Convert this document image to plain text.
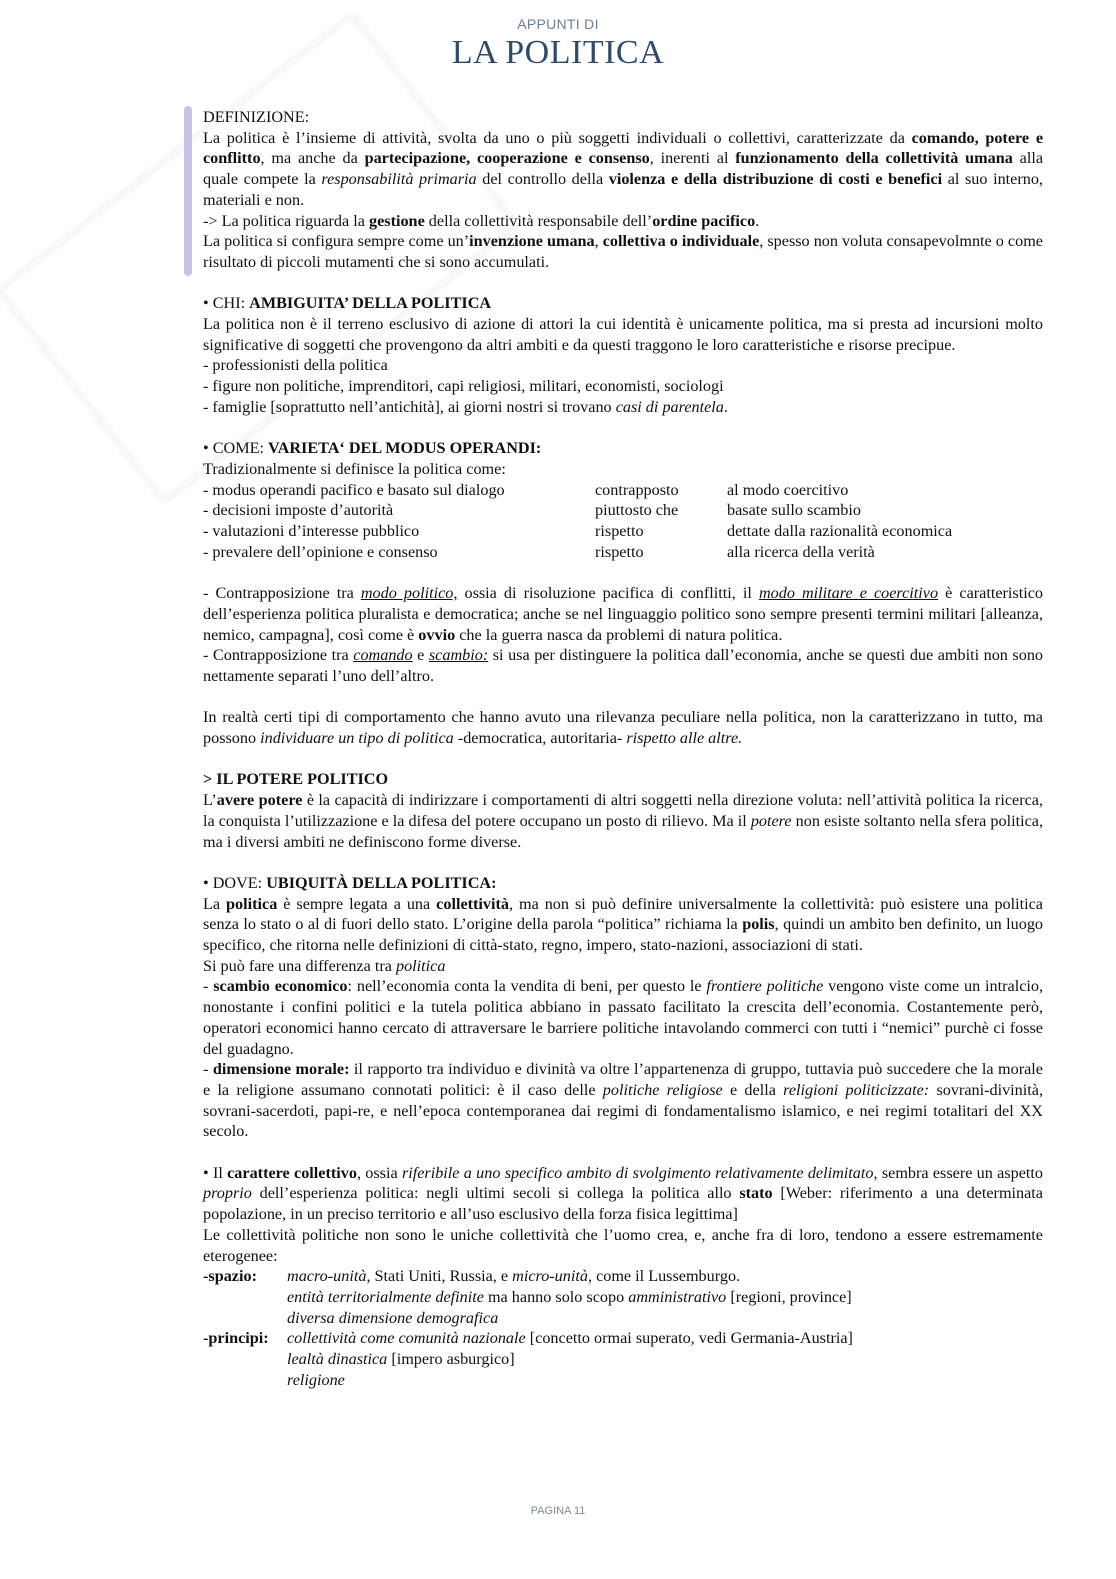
APPUNTI DI
LA POLITICA
DEFINIZIONE:

La politica è l’insieme di attività, svolta da uno o più soggetti individuali o collettivi, caratterizzate da comando, potere e conflitto, ma anche da partecipazione, cooperazione e consenso, inerenti al funzionamento della collettività umana alla quale compete la responsabilità primaria del controllo della violenza e della distribuzione di costi e benefici al suo interno, materiali e non.

-> La politica riguarda la gestione della collettività responsabile dell’ordine pacifico.

La politica si configura sempre come un’invenzione umana, collettiva o individuale, spesso non voluta consapevolmnte o come risultato di piccoli mutamenti che si sono accumulati.

• CHI: AMBIGUITA’ DELLA POLITICA

La politica non è il terreno esclusivo di azione di attori la cui identità è unicamente politica, ma si presta ad incursioni molto significative di soggetti che provengono da altri ambiti e da questi traggono le loro caratteristiche e risorse precipue.

- professionisti della politica
- figure non politiche, imprenditori, capi religiosi, militari, economisti, sociologi
- famiglie [soprattutto nell’antichità], ai giorni nostri si trovano casi di parentela.
• COME: VARIETA‘ DEL MODUS OPERANDI:
Tradizionalmente si definisce la politica come:
- modus operandi pacifico e basato sul dialogo	contrapposto	al modo coercitivo
- decisioni imposte d’autorità	piuttosto che	basate sullo scambio
- valutazioni d’interesse pubblico	rispetto	dettate dalla razionalità economica
- prevalere dell’opinione e consenso	rispetto	alla ricerca della verità

- Contrapposizione tra modo politico, ossia di risoluzione pacifica di conflitti, il modo militare e coercitivo è caratteristico dell’esperienza politica pluralista e democratica; anche se nel linguaggio politico sono sempre presenti termini militari [alleanza, nemico, campagna], così come è ovvio che la guerra nasca da problemi di natura politica.

- Contrapposizione tra comando e scambio: si usa per distinguere la politica dall’economia, anche se questi due ambiti non sono nettamente separati l’uno dell’altro.

In realtà certi tipi di comportamento che hanno avuto una rilevanza peculiare nella politica, non la caratterizzano in tutto, ma possono individuare un tipo di politica -democratica, autoritaria- rispetto alle altre.

> IL POTERE POLITICO

L’avere potere è la capacità di indirizzare i comportamenti di altri soggetti nella direzione voluta: nell’attività politica la ricerca, la conquista l’utilizzazione e la difesa del potere occupano un posto di rilievo. Ma il potere non esiste soltanto nella sfera politica, ma i diversi ambiti ne definiscono forme diverse.

• DOVE: UBIQUITÀ DELLA POLITICA:

La politica è sempre legata a una collettività, ma non si può definire universalmente la collettività: può esistere una politica senza lo stato o al di fuori dello stato. L’origine della parola “politica” richiama la polis, quindi un ambito ben definito, un luogo specifico, che ritorna nelle definizioni di città-stato, regno, impero, stato-nazioni, associazioni di stati.

Si può fare una differenza tra politica

- scambio economico: nell’economia conta la vendita di beni, per questo le frontiere politiche vengono viste come un intralcio, nonostante i confini politici e la tutela politica abbiano in passato facilitato la crescita dell’economia. Costantemente però, operatori economici hanno cercato di attraversare le barriere politiche intavolando commerci con tutti i “nemici” purchè ci fosse del guadagno.

- dimensione morale: il rapporto tra individuo e divinità va oltre l’appartenenza di gruppo, tuttavia può succedere che la morale e la religione assumano connotati politici: è il caso delle politiche religiose e della religioni politicizzate: sovrani-divinità, sovrani-sacerdoti, papi-re, e nell’epoca contemporanea dai regimi di fondamentalismo islamico, e nei regimi totalitari del XX secolo.

• Il carattere collettivo, ossia riferibile a uno specifico ambito di svolgimento relativamente delimitato, sembra essere un aspetto proprio dell’esperienza politica: negli ultimi secoli si collega la politica allo stato [Weber: riferimento a una determinata popolazione, in un preciso territorio e all’uso esclusivo della forza fisica legittima]

Le collettività politiche non sono le uniche collettività che l’uomo crea, e, anche fra di loro, tendono a essere estremamente eterogenee:

-spazio:	macro-unità, Stati Uniti, Russia, e micro-unità, come il Lussemburgo.
entità territorialmente definite ma hanno solo scopo amministrativo [regioni, province]
diversa dimensione demografica
-principi:	collettività come comunità nazionale [concetto ormai superato, vedi Germania-Austria]
lealtà dinastica [impero asburgico]
religione
PAGINA 11
